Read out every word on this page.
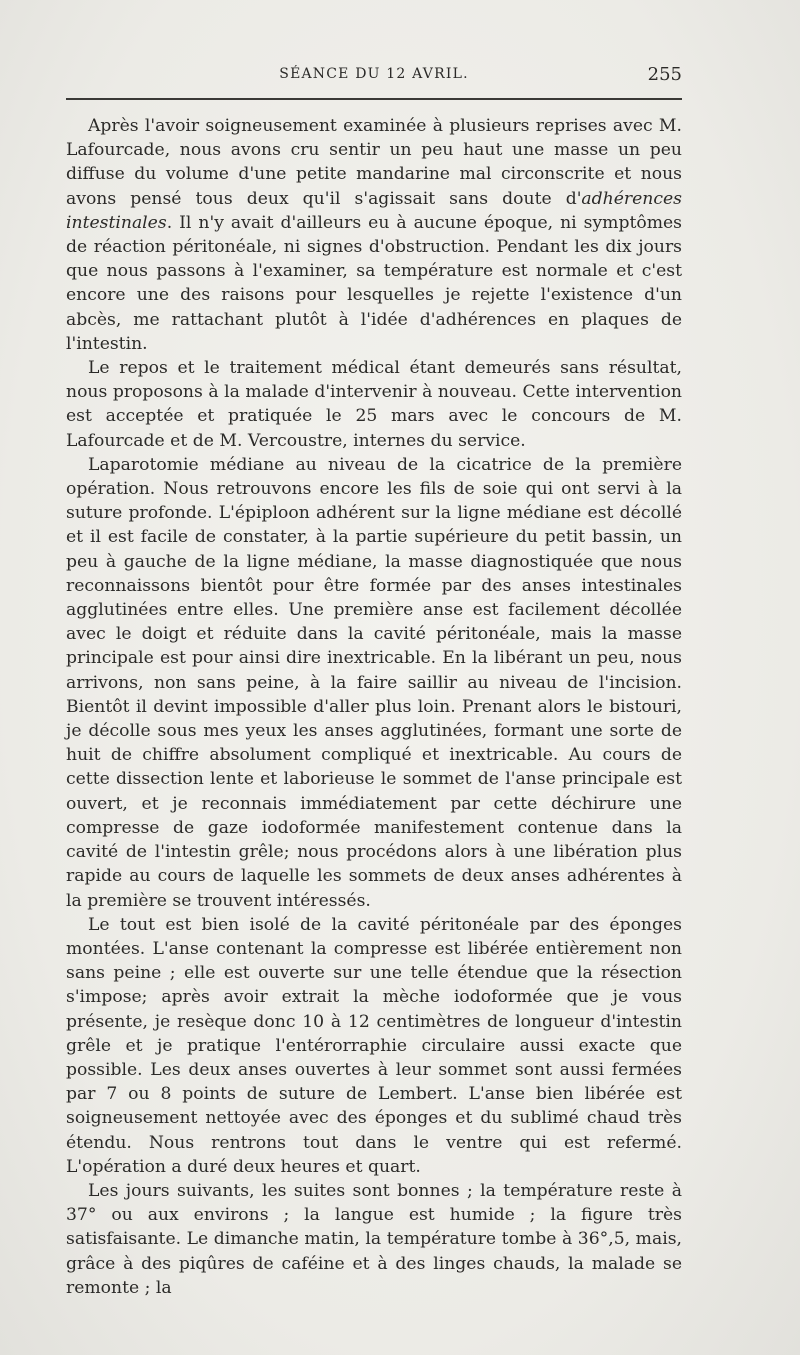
SÉANCE DU 12 AVRIL.	255

Après l'avoir soigneusement examinée à plusieurs reprises avec M. Lafourcade, nous avons cru sentir un peu haut une masse un peu diffuse du volume d'une petite mandarine mal circonscrite et nous avons pensé tous deux qu'il s'agissait sans doute d'adhérences intestinales. Il n'y avait d'ailleurs eu à aucune époque, ni symptômes de réaction péritonéale, ni signes d'obstruction. Pendant les dix jours que nous passons à l'examiner, sa température est normale et c'est encore une des raisons pour lesquelles je rejette l'existence d'un abcès, me rattachant plutôt à l'idée d'adhérences en plaques de l'intestin.

Le repos et le traitement médical étant demeurés sans résultat, nous proposons à la malade d'intervenir à nouveau. Cette intervention est acceptée et pratiquée le 25 mars avec le concours de M. Lafourcade et de M. Vercoustre, internes du service.

Laparotomie médiane au niveau de la cicatrice de la première opération. Nous retrouvons encore les fils de soie qui ont servi à la suture profonde. L'épiploon adhérent sur la ligne médiane est décollé et il est facile de constater, à la partie supérieure du petit bassin, un peu à gauche de la ligne médiane, la masse diagnostiquée que nous reconnaissons bientôt pour être formée par des anses intestinales agglutinées entre elles. Une première anse est facilement décollée avec le doigt et réduite dans la cavité péritonéale, mais la masse principale est pour ainsi dire inextricable. En la libérant un peu, nous arrivons, non sans peine, à la faire saillir au niveau de l'incision. Bientôt il devint impossible d'aller plus loin. Prenant alors le bistouri, je décolle sous mes yeux les anses agglutinées, formant une sorte de huit de chiffre absolument compliqué et inextricable. Au cours de cette dissection lente et laborieuse le sommet de l'anse principale est ouvert, et je reconnais immédiatement par cette déchirure une compresse de gaze iodoformée manifestement contenue dans la cavité de l'intestin grêle; nous procédons alors à une libération plus rapide au cours de laquelle les sommets de deux anses adhérentes à la première se trouvent intéressés.

Le tout est bien isolé de la cavité péritonéale par des éponges montées. L'anse contenant la compresse est libérée entièrement non sans peine ; elle est ouverte sur une telle étendue que la résection s'impose; après avoir extrait la mèche iodoformée que je vous présente, je resèque donc 10 à 12 centimètres de longueur d'intestin grêle et je pratique l'entérorraphie circulaire aussi exacte que possible. Les deux anses ouvertes à leur sommet sont aussi fermées par 7 ou 8 points de suture de Lembert. L'anse bien libérée est soigneusement nettoyée avec des éponges et du sublimé chaud très étendu. Nous rentrons tout dans le ventre qui est refermé. L'opération a duré deux heures et quart.

Les jours suivants, les suites sont bonnes ; la température reste à 37° ou aux environs ; la langue est humide ; la figure très satisfaisante. Le dimanche matin, la température tombe à 36°,5, mais, grâce à des piqûres de caféine et à des linges chauds, la malade se remonte ; la
